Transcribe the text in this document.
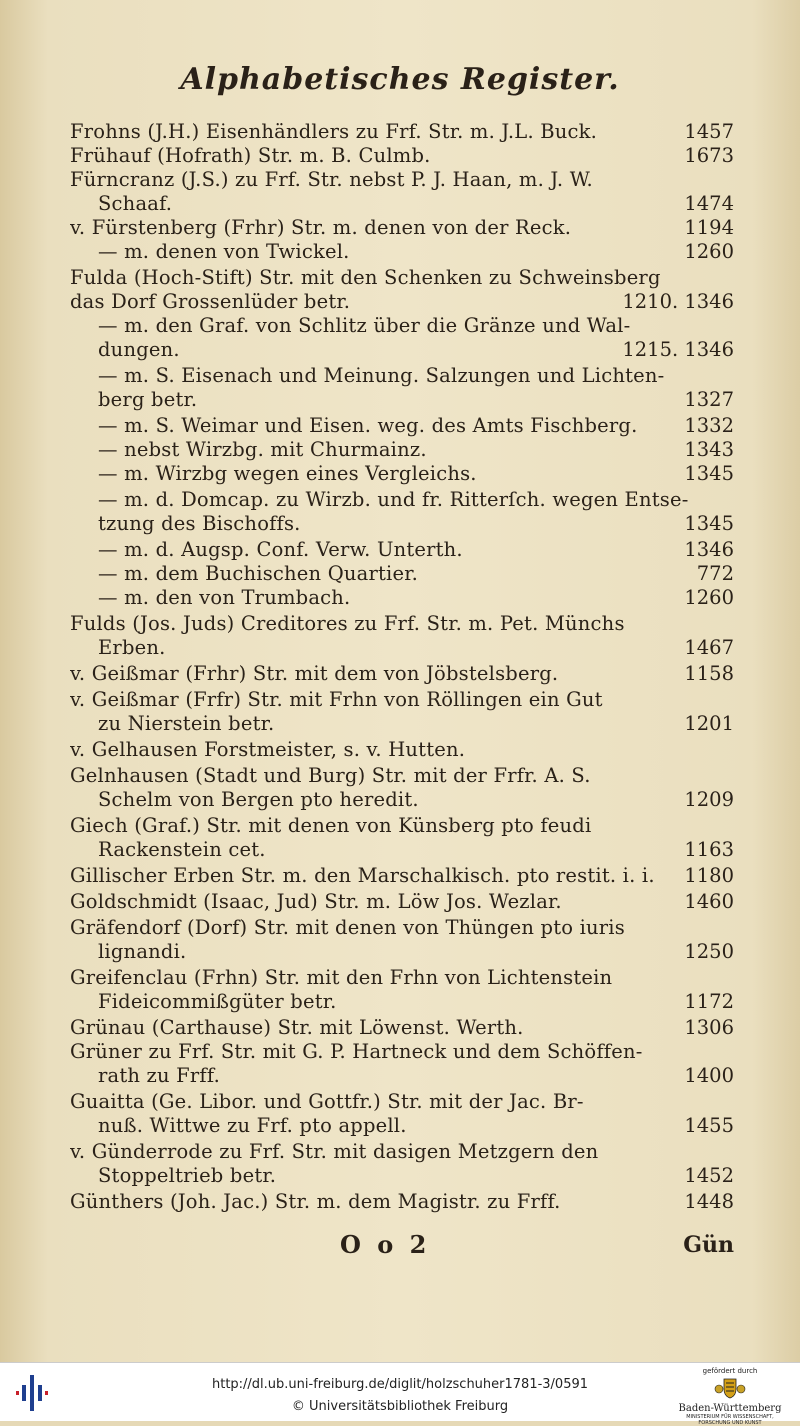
Alphabetisches Register.
Frohns (J.H.) Eisenhändlers zu Frf. Str. m. J.L. Buck.	1457
Frühauf (Hofrath) Str. m. B. Culmb.	1673
Fürncranz (J.S.) zu Frf. Str. nebst P. J. Haan, m. J. W.
Schaaf.	1474
v. Fürstenberg (Frhr) Str. m. denen von der Reck.	1194
— m. denen von Twickel.	1260
Fulda (Hoch-Stift) Str. mit den Schenken zu Schweinsberg
das Dorf Grossenlüder betr.	1210. 1346
— m. den Graf. von Schlitz über die Gränze und Wal-
dungen.	1215. 1346
— m. S. Eisenach und Meinung. Salzungen und Lichten-
berg betr.	1327
— m. S. Weimar und Eisen. weg. des Amts Fischberg.	1332
— nebst Wirzbg. mit Churmainz.	1343
— m. Wirzbg wegen eines Vergleichs.	1345
— m. d. Domcap. zu Wirzb. und fr. Ritterſch. wegen Entse-
tzung des Bischoffs.	1345
— m. d. Augsp. Conf. Verw. Unterth.	1346
— m. dem Buchischen Quartier.	772
— m. den von Trumbach.	1260
Fulds (Jos. Juds) Creditores zu Frf. Str. m. Pet. Münchs
Erben.	1467
v. Geißmar (Frhr) Str. mit dem von Jöbstelsberg.	1158
v. Geißmar (Frfr) Str. mit Frhn von Röllingen ein Gut
zu Nierstein betr.	1201
v. Gelhausen Forstmeister, s. v. Hutten.
Gelnhausen (Stadt und Burg) Str. mit der Frfr. A. S.
Schelm von Bergen pto heredit.	1209
Giech (Graf.) Str. mit denen von Künsberg pto feudi
Rackenstein cet.	1163
Gillischer Erben Str. m. den Marschalkisch. pto restit. i. i.	1180
Goldschmidt (Isaac, Jud) Str. m. Löw Jos. Wezlar.	1460
Gräfendorf (Dorf) Str. mit denen von Thüngen pto iuris
lignandi.	1250
Greifenclau (Frhn) Str. mit den Frhn von Lichtenstein
Fideicommißgüter betr.	1172
Grünau (Carthause) Str. mit Löwenst. Werth.	1306
Grüner zu Frf. Str. mit G. P. Hartneck und dem Schöffen-
rath zu Frff.	1400
Guaitta (Ge. Libor. und Gottfr.) Str. mit der Jac. Br-
nuß. Wittwe zu Frf. pto appell.	1455
v. Günderrode zu Frf. Str. mit dasigen Metzgern den
Stoppeltrieb betr.	1452
Günthers (Joh. Jac.) Str. m. dem Magistr. zu Frff.	1448
O o 2	Gün
http://dl.ub.uni-freiburg.de/diglit/holzschuher1781-3/0591
© Universitätsbibliothek Freiburg
gefördert durch
Baden-Württemberg
MINISTERIUM FÜR WISSENSCHAFT, FORSCHUNG UND KUNST
